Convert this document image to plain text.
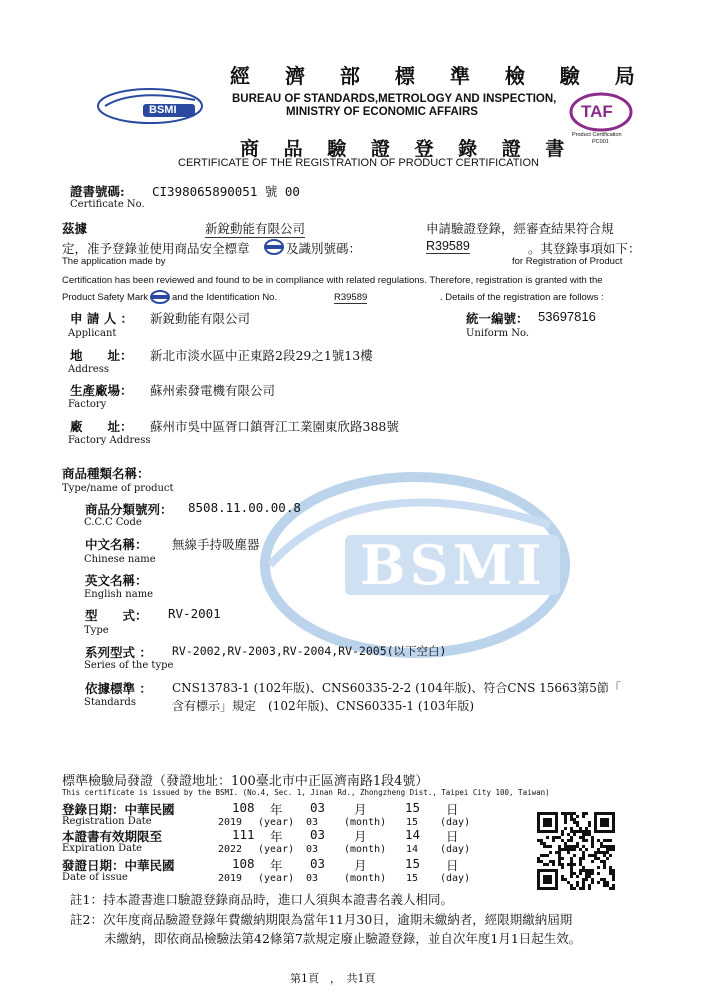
經 濟 部 標 準 檢 驗 局
BUREAU OF STANDARDS,METROLOGY AND INSPECTION,
MINISTRY OF ECONOMIC AFFAIRS
BSMI	TAF
Product Certification
PC001
商 品 驗 證 登 錄 證 書
CERTIFICATE OF THE REGISTRATION OF PRODUCT CERTIFICATION
證書號碼: CI398065890051 號 00
Certificate No.
茲據	新銳動能有限公司	申請驗證登錄，經審查結果符合規
定，准予登錄並使用商品安全標章	及識別號碼：	R39589	。其登錄事項如下：
The application made by	for Registration of Product
Certification has been reviewed and found to be in compliance with related regulations. Therefore, registration is granted with the
Product Safety Mark	and the Identification No.	R39589	. Details of the registration are follows :
申 請 人 ： 新銳動能有限公司
Applicant
統一編號： 53697816
Uniform No.
地　　址： 新北市淡水區中正東路2段29之1號13樓
Address
生產廠場： 蘇州索發電機有限公司
Factory
廠　　址： 蘇州市吳中區胥口鎮胥江工業園東欣路388號
Factory Address
BSMI
商品種類名稱：
Type/name of product
商品分類號列： 8508.11.00.00.8
C.C.C Code
中文名稱： 無線手持吸塵器
Chinese name
英文名稱：
English name
型　　式： RV-2001
Type
系列型式 ： RV-2002,RV-2003,RV-2004,RV-2005(以下空白)
Series of the type
依據標準 ： CNS13783-1 (102年版)、CNS60335-2-2 (104年版)、符合CNS 15663第5節「
含有標示」規定　(102年版)、CNS60335-1 (103年版)
Standards
標準檢驗局發證（發證地址：100臺北市中正區濟南路1段4號）
This certificate is issued by the BSMI. (No.4, Sec. 1, Jinan Rd., Zhongzheng Dist., Taipei City 100, Taiwan)
登錄日期：中華民國	108 年 03 月	15 日
Registration Date	2019 (year) 03	(month) 15 (day)
本證書有效期限至	111 年 03 月	14 日
Expiration Date	2022 (year) 03	(month) 14 (day)
發證日期：中華民國	108 年 03 月	15 日
Date of issue	2019 (year) 03	(month) 15 (day)
註1：持本證書進口驗證登錄商品時，進口人須與本證書名義人相同。
註2：次年度商品驗證登錄年費繳納期限為當年11月30日，逾期未繳納者，經限期繳納屆期
未繳納，即依商品檢驗法第42條第7款規定廢止驗證登錄，並自次年度1月1日起生效。
第1頁　，　共1頁
